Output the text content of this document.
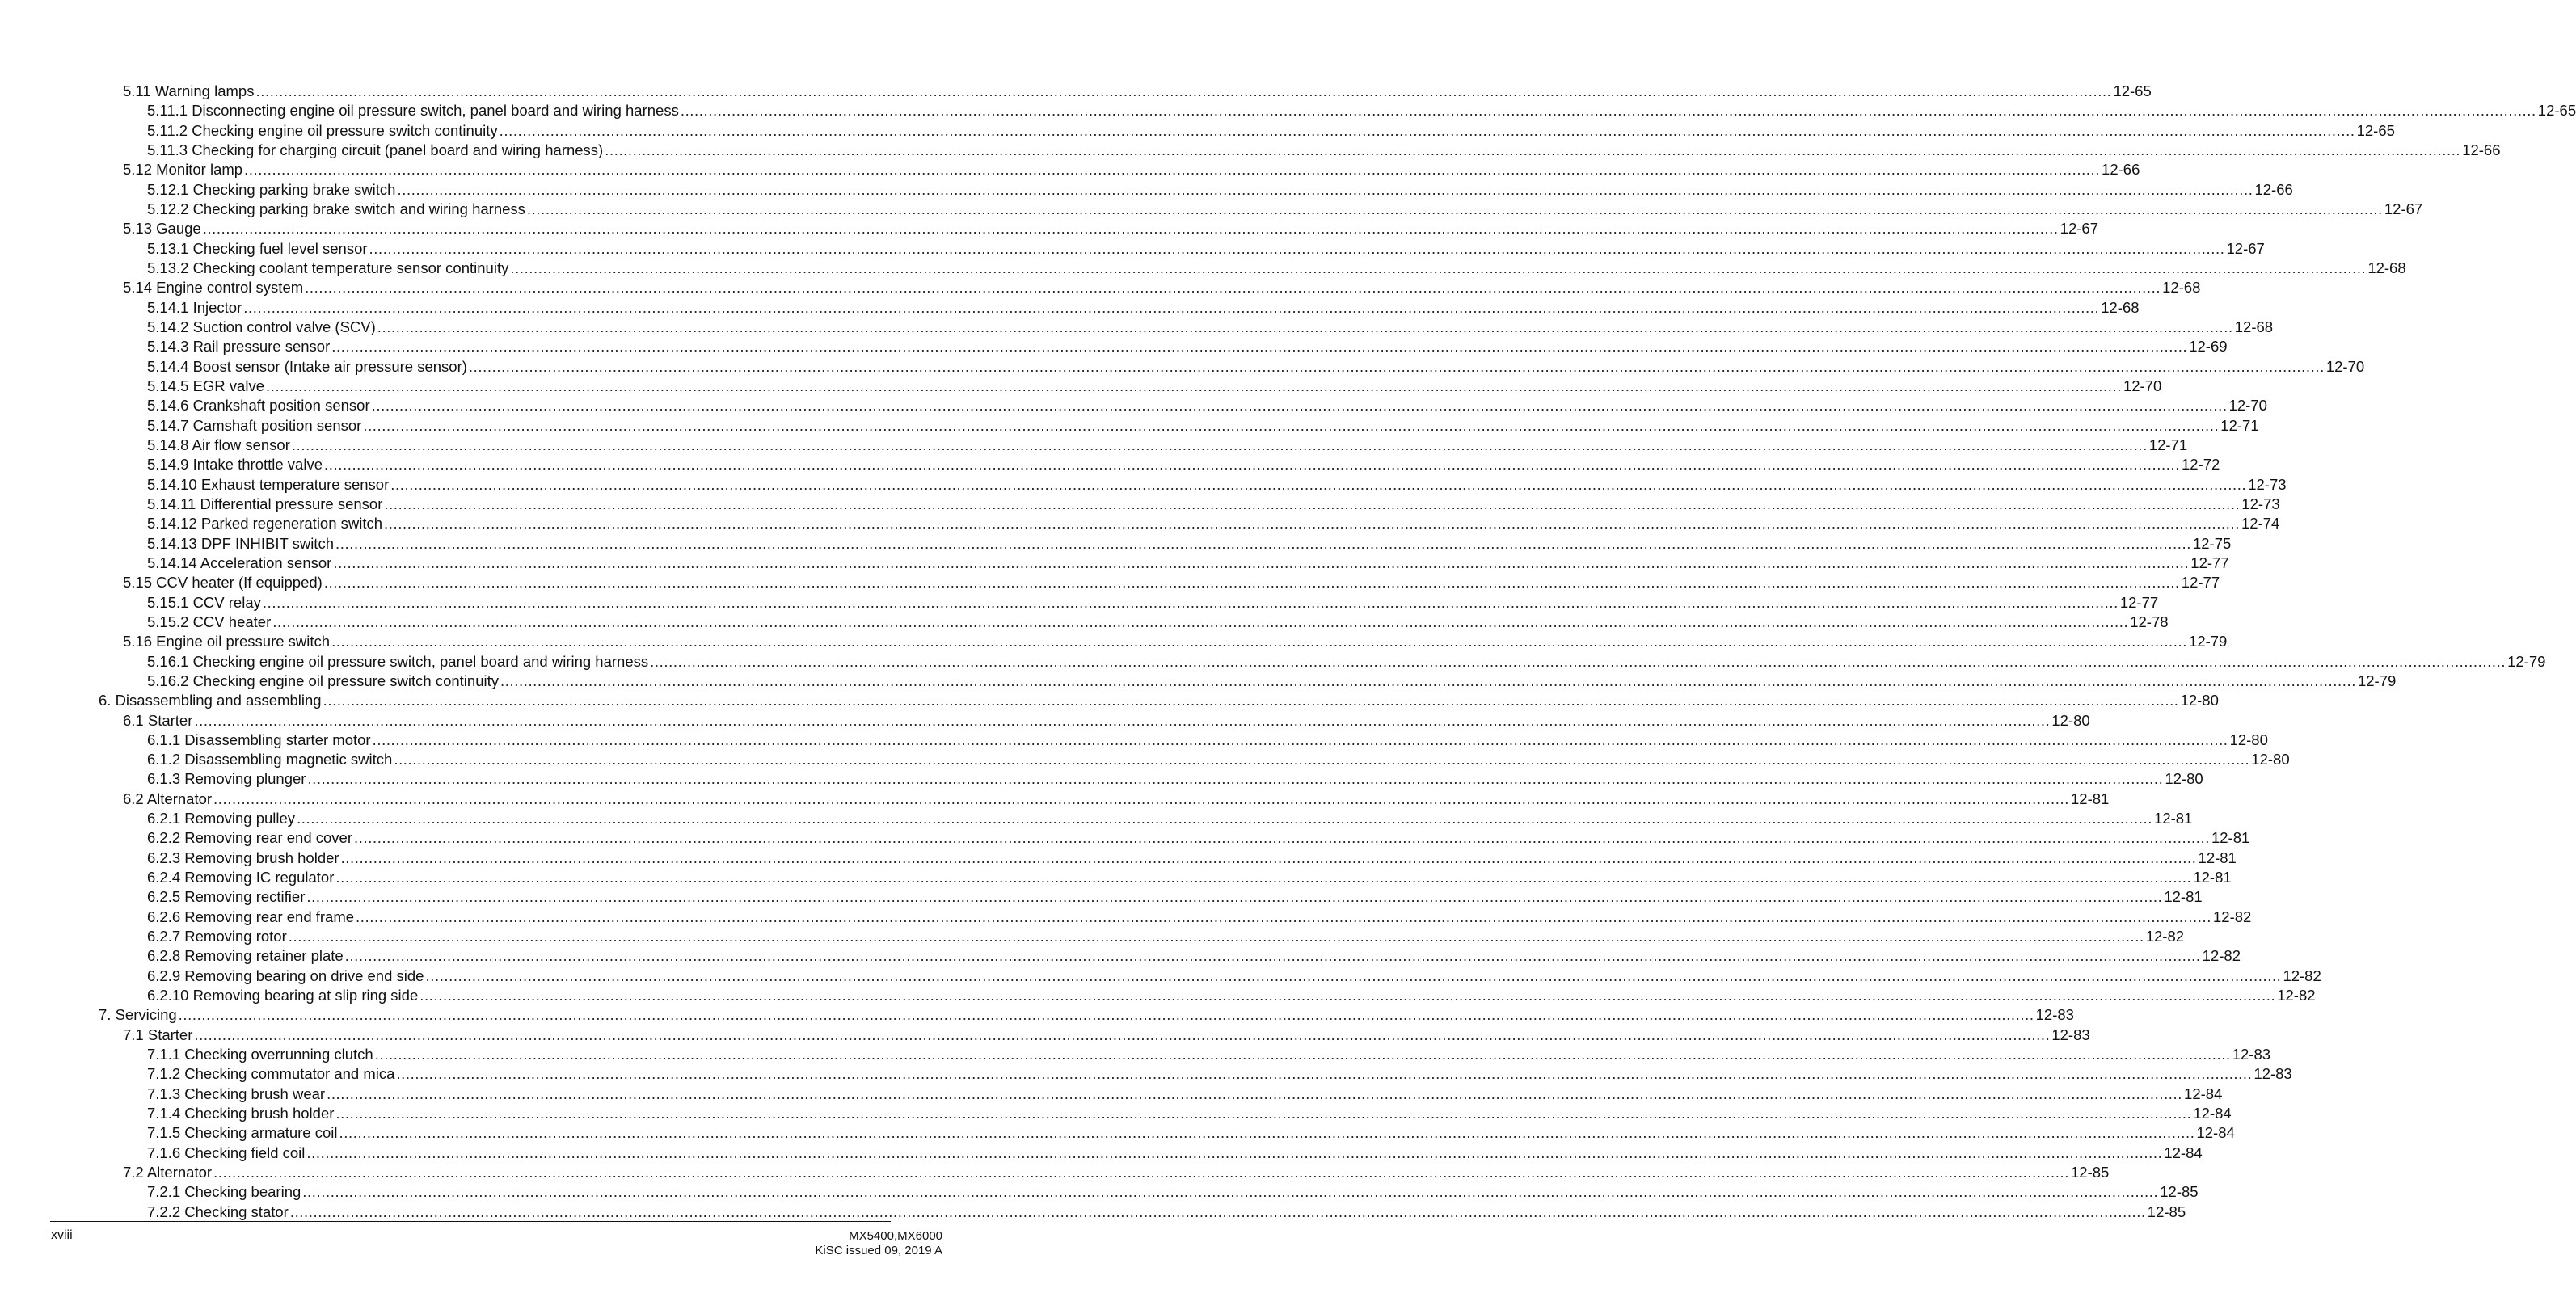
5.11 Warning lamps ................................................................................................................................................................................................................................................................................................................................................................................................................ 12-65
5.11.1 Disconnecting engine oil pressure switch, panel board and wiring harness ................................................................................................................................................................................................................................................................................................................................................................................................................ 12-65
5.11.2 Checking engine oil pressure switch continuity ................................................................................................................................................................................................................................................................................................................................................................................................................ 12-65
5.11.3 Checking for charging circuit (panel board and wiring harness) ................................................................................................................................................................................................................................................................................................................................................................................................................ 12-66
5.12 Monitor lamp ................................................................................................................................................................................................................................................................................................................................................................................................................ 12-66
5.12.1 Checking parking brake switch ................................................................................................................................................................................................................................................................................................................................................................................................................ 12-66
5.12.2 Checking parking brake switch and wiring harness ................................................................................................................................................................................................................................................................................................................................................................................................................ 12-67
5.13 Gauge ................................................................................................................................................................................................................................................................................................................................................................................................................ 12-67
5.13.1 Checking fuel level sensor ................................................................................................................................................................................................................................................................................................................................................................................................................ 12-67
5.13.2 Checking coolant temperature sensor continuity ................................................................................................................................................................................................................................................................................................................................................................................................................ 12-68
5.14 Engine control system ................................................................................................................................................................................................................................................................................................................................................................................................................ 12-68
5.14.1 Injector ................................................................................................................................................................................................................................................................................................................................................................................................................ 12-68
5.14.2 Suction control valve (SCV) ................................................................................................................................................................................................................................................................................................................................................................................................................ 12-68
5.14.3 Rail pressure sensor ................................................................................................................................................................................................................................................................................................................................................................................................................ 12-69
5.14.4 Boost sensor (Intake air pressure sensor) ................................................................................................................................................................................................................................................................................................................................................................................................................ 12-70
5.14.5 EGR valve ................................................................................................................................................................................................................................................................................................................................................................................................................ 12-70
5.14.6 Crankshaft position sensor ................................................................................................................................................................................................................................................................................................................................................................................................................ 12-70
5.14.7 Camshaft position sensor ................................................................................................................................................................................................................................................................................................................................................................................................................ 12-71
5.14.8 Air flow sensor ................................................................................................................................................................................................................................................................................................................................................................................................................ 12-71
5.14.9 Intake throttle valve ................................................................................................................................................................................................................................................................................................................................................................................................................ 12-72
5.14.10 Exhaust temperature sensor ................................................................................................................................................................................................................................................................................................................................................................................................................ 12-73
5.14.11 Differential pressure sensor ................................................................................................................................................................................................................................................................................................................................................................................................................ 12-73
5.14.12 Parked regeneration switch ................................................................................................................................................................................................................................................................................................................................................................................................................ 12-74
5.14.13 DPF INHIBIT switch ................................................................................................................................................................................................................................................................................................................................................................................................................ 12-75
5.14.14 Acceleration sensor ................................................................................................................................................................................................................................................................................................................................................................................................................ 12-77
5.15 CCV heater (If equipped) ................................................................................................................................................................................................................................................................................................................................................................................................................ 12-77
5.15.1 CCV relay ................................................................................................................................................................................................................................................................................................................................................................................................................ 12-77
5.15.2 CCV heater ................................................................................................................................................................................................................................................................................................................................................................................................................ 12-78
5.16 Engine oil pressure switch ................................................................................................................................................................................................................................................................................................................................................................................................................ 12-79
5.16.1 Checking engine oil pressure switch, panel board and wiring harness ................................................................................................................................................................................................................................................................................................................................................................................................................ 12-79
5.16.2 Checking engine oil pressure switch continuity ................................................................................................................................................................................................................................................................................................................................................................................................................ 12-79
6. Disassembling and assembling ................................................................................................................................................................................................................................................................................................................................................................................................................ 12-80
6.1 Starter ................................................................................................................................................................................................................................................................................................................................................................................................................ 12-80
6.1.1 Disassembling starter motor ................................................................................................................................................................................................................................................................................................................................................................................................................ 12-80
6.1.2 Disassembling magnetic switch ................................................................................................................................................................................................................................................................................................................................................................................................................ 12-80
6.1.3 Removing plunger ................................................................................................................................................................................................................................................................................................................................................................................................................ 12-80
6.2 Alternator ................................................................................................................................................................................................................................................................................................................................................................................................................ 12-81
6.2.1 Removing pulley ................................................................................................................................................................................................................................................................................................................................................................................................................ 12-81
6.2.2 Removing rear end cover ................................................................................................................................................................................................................................................................................................................................................................................................................ 12-81
6.2.3 Removing brush holder ................................................................................................................................................................................................................................................................................................................................................................................................................ 12-81
6.2.4 Removing IC regulator ................................................................................................................................................................................................................................................................................................................................................................................................................ 12-81
6.2.5 Removing rectifier ................................................................................................................................................................................................................................................................................................................................................................................................................ 12-81
6.2.6 Removing rear end frame ................................................................................................................................................................................................................................................................................................................................................................................................................ 12-82
6.2.7 Removing rotor ................................................................................................................................................................................................................................................................................................................................................................................................................ 12-82
6.2.8 Removing retainer plate ................................................................................................................................................................................................................................................................................................................................................................................................................ 12-82
6.2.9 Removing bearing on drive end side ................................................................................................................................................................................................................................................................................................................................................................................................................ 12-82
6.2.10 Removing bearing at slip ring side ................................................................................................................................................................................................................................................................................................................................................................................................................ 12-82
7. Servicing ................................................................................................................................................................................................................................................................................................................................................................................................................ 12-83
7.1 Starter ................................................................................................................................................................................................................................................................................................................................................................................................................ 12-83
7.1.1 Checking overrunning clutch ................................................................................................................................................................................................................................................................................................................................................................................................................ 12-83
7.1.2 Checking commutator and mica ................................................................................................................................................................................................................................................................................................................................................................................................................ 12-83
7.1.3 Checking brush wear ................................................................................................................................................................................................................................................................................................................................................................................................................ 12-84
7.1.4 Checking brush holder ................................................................................................................................................................................................................................................................................................................................................................................................................ 12-84
7.1.5 Checking armature coil ................................................................................................................................................................................................................................................................................................................................................................................................................ 12-84
7.1.6 Checking field coil ................................................................................................................................................................................................................................................................................................................................................................................................................ 12-84
7.2 Alternator ................................................................................................................................................................................................................................................................................................................................................................................................................ 12-85
7.2.1 Checking bearing ................................................................................................................................................................................................................................................................................................................................................................................................................ 12-85
7.2.2 Checking stator ................................................................................................................................................................................................................................................................................................................................................................................................................ 12-85
xviii	MX5400,MX6000
KiSC issued 09, 2019 A
